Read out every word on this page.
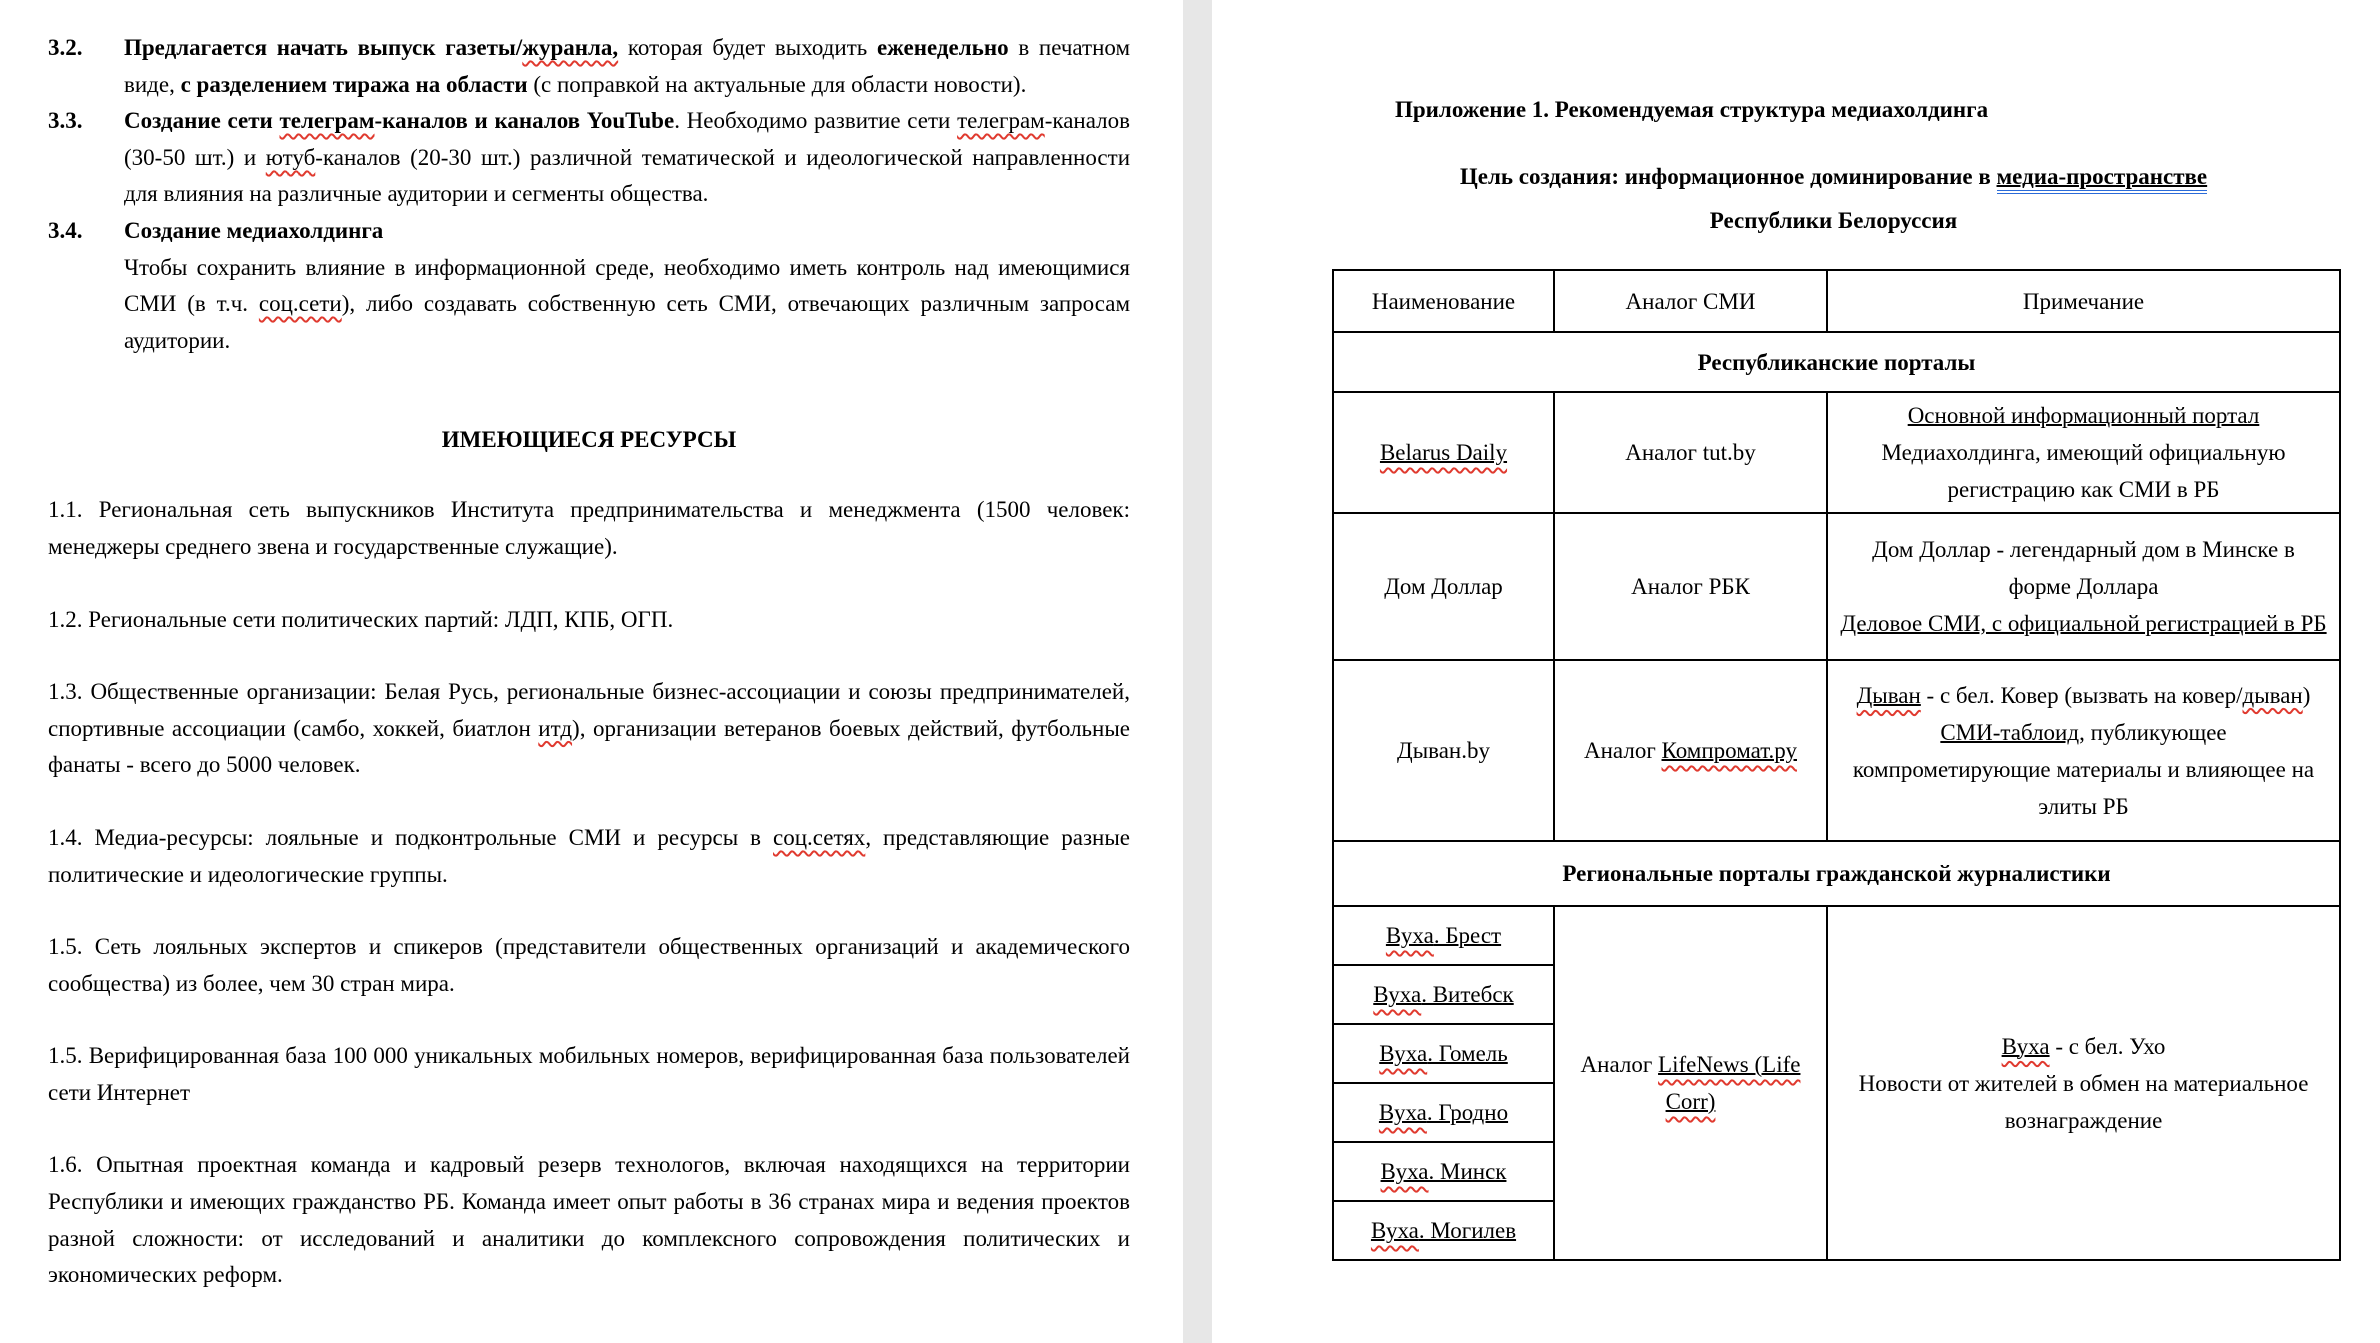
3.2. Предлагается начать выпуск газеты/журанла, которая будет выходить еженедельно в печатном виде, с разделением тиража на области (с поправкой на актуальные для области новости).
3.3. Создание сети телеграм-каналов и каналов YouTube. Необходимо развитие сети телеграм-каналов (30-50 шт.) и ютуб-каналов (20-30 шт.) различной тематической и идеологической направленности для влияния на различные аудитории и сегменты общества.
3.4. Создание медиахолдинга
Чтобы сохранить влияние в информационной среде, необходимо иметь контроль над имеющимися СМИ (в т.ч. соц.сети), либо создавать собственную сеть СМИ, отвечающих различным запросам аудитории.
ИМЕЮЩИЕСЯ РЕСУРСЫ
1.1. Региональная сеть выпускников Института предпринимательства и менеджмента (1500 человек: менеджеры среднего звена и государственные служащие).
1.2. Региональные сети политических партий: ЛДП, КПБ, ОГП.
1.3. Общественные организации: Белая Русь, региональные бизнес-ассоциации и союзы предпринимателей, спортивные ассоциации (самбо, хоккей, биатлон итд), организации ветеранов боевых действий, футбольные фанаты - всего до 5000 человек.
1.4. Медиа-ресурсы: лояльные и подконтрольные СМИ и ресурсы в соц.сетях, представляющие разные политические и идеологические группы.
1.5. Сеть лояльных экспертов и спикеров (представители общественных организаций и академического сообщества) из более, чем 30 стран мира.
1.5. Верифицированная база 100 000 уникальных мобильных номеров, верифицированная база пользователей сети Интернет
1.6. Опытная проектная команда и кадровый резерв технологов, включая находящихся на территории Республики и имеющих гражданство РБ. Команда имеет опыт работы в 36 странах мира и ведения проектов разной сложности: от исследований и аналитики до комплексного сопровождения политических и экономических реформ.
Приложение 1. Рекомендуемая структура медиахолдинга
Цель создания: информационное доминирование в медиа-пространстве
Республики Белоруссия
Наименование	Аналог СМИ	Примечание
Республиканские порталы		
Belarus Daily	Аналог tut.by	Основной информационный портал
Медиахолдинга, имеющий официальную регистрацию как СМИ в РБ
Дом Доллар	Аналог РБК	Дом Доллар - легендарный дом в Минске в форме Доллара
Деловое СМИ, с официальной регистрацией в РБ

Дыван.by	Аналог Компромат.ру	Дыван - с бел. Ковер (вызвать на ковер/дыван)
СМИ-таблоид, публикующее компрометирующие материалы и влияющее на элиты РБ
Региональные порталы гражданской журналистики		
Вуха. Брест	Аналог LifeNews (Life Corr)	Вуха - с бел. Ухо
Новости от жителей в обмен на материальное вознаграждение
Вуха. Витебск		
Вуха. Гомель		
Вуха. Гродно		
Вуха. Минск		
Вуха. Могилев		
